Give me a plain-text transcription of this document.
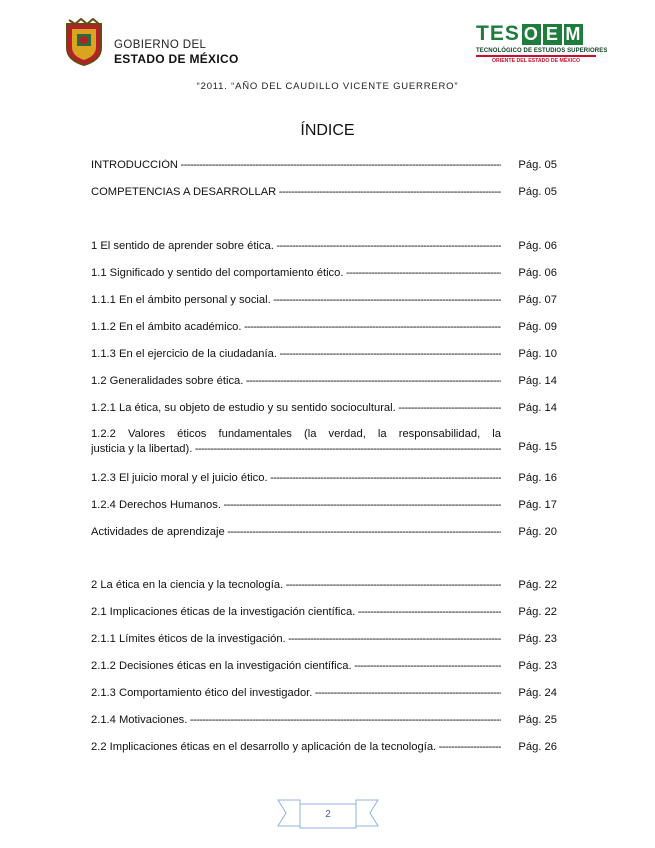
GOBIERNO DEL
ESTADO DE MÉXICO
TES O E M
TECNOLÓGICO DE ESTUDIOS SUPERIORES
ORIENTE DEL ESTADO DE MÉXICO
“2011. “AÑO DEL CAUDILLO VICENTE GUERRERO”
ÍNDICE
INTRODUCCIÓN -----	Pág. 05
COMPETENCIAS A DESARROLLAR -----	Pág. 05
1 El sentido de aprender sobre ética. -----	Pág. 06
1.1 Significado y sentido del comportamiento ético. -----	Pág. 06
1.1.1 En el ámbito personal y social. -----	Pág. 07
1.1.2 En el ámbito académico. -----	Pág. 09
1.1.3 En el ejercicio de la ciudadanía. -----	Pág. 10
1.2 Generalidades sobre ética. -----	Pág. 14
1.2.1 La ética, su objeto de estudio y su sentido sociocultural. -----	Pág. 14
1.2.2 Valores éticos fundamentales (la verdad, la responsabilidad, la
justicia y la libertad). -----	Pág. 15
1.2.3 El juicio moral y el juicio ético. -----	Pág. 16
1.2.4 Derechos Humanos. -----	Pág. 17
Actividades de aprendizaje -----	Pág. 20
2 La ética en la ciencia y la tecnología. -----	Pág. 22
2.1 Implicaciones éticas de la investigación científica. -----	Pág. 22
2.1.1 Límites éticos de la investigación. -----	Pág. 23
2.1.2 Decisiones éticas en la investigación científica. -----	Pág. 23
2.1.3 Comportamiento ético del investigador. -----	Pág. 24
2.1.4 Motivaciones. -----	Pág. 25
2.2 Implicaciones éticas en el desarrollo y aplicación de la tecnología. -----	Pág. 26
2
